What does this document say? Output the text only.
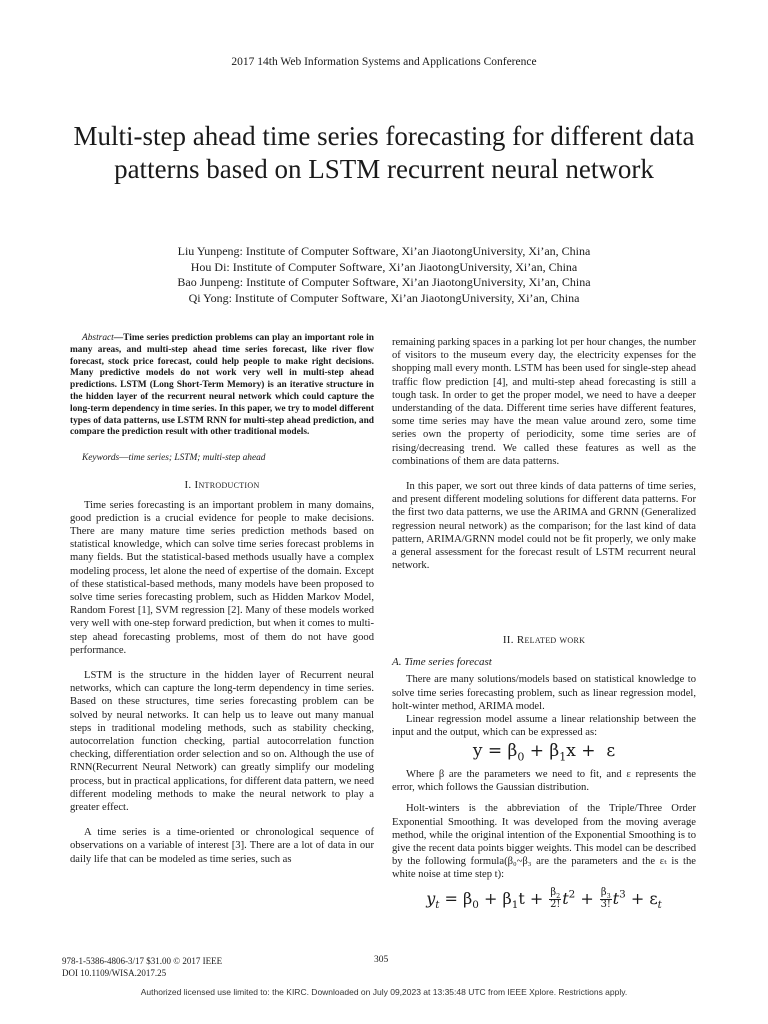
2017 14th Web Information Systems and Applications Conference
Multi-step ahead time series forecasting for different data patterns based on LSTM recurrent neural network
Liu Yunpeng: Institute of Computer Software, Xi’an JiaotongUniversity, Xi’an, China
Hou Di: Institute of Computer Software, Xi’an JiaotongUniversity, Xi’an, China
Bao Junpeng: Institute of Computer Software, Xi’an JiaotongUniversity, Xi’an, China
Qi Yong: Institute of Computer Software, Xi’an JiaotongUniversity, Xi’an, China

Abstract—Time series prediction problems can play an important role in many areas, and multi-step ahead time series forecast, like river flow forecast, stock price forecast, could help people to make right decisions. Many predictive models do not work very well in multi-step ahead predictions. LSTM (Long Short-Term Memory) is an iterative structure in the hidden layer of the recurrent neural network which could capture the long-term dependency in time series. In this paper, we try to model different types of data patterns, use LSTM RNN for multi-step ahead prediction, and compare the prediction result with other traditional models.

Keywords—time series; LSTM; multi-step ahead

I. Introduction

Time series forecasting is an important problem in many domains, good prediction is a crucial evidence for people to make decisions. There are many mature time series prediction methods based on statistical knowledge, which can solve time series forecast problems in many fields. But the statistical-based methods usually have a complex modeling process, let alone the need of expertise of the domain. Except of these statistical-based methods, many models have been proposed to solve time series forecasting problem, such as Hidden Markov Model, Random Forest [1], SVM regression [2]. Many of these models worked very well with one-step forward prediction, but when it comes to multi-step ahead forecasting problems, most of them do not have good performance.

LSTM is the structure in the hidden layer of Recurrent neural networks, which can capture the long-term dependency in time series. Based on these structures, time series forecasting problem can be solved by neural networks. It can help us to leave out many manual steps in traditional modeling methods, such as stability checking, autocorrelation function checking, partial autocorrelation function checking, differentiation order selection and so on. Although the use of RNN(Recurrent Neural Network) can greatly simplify our modeling process, but in practical applications, for different data pattern, we need different modeling methods to make the neural network to play a greater effect.

A time series is a time-oriented or chronological sequence of observations on a variable of interest [3]. There are a lot of data in our daily life that can be modeled as time series, such as

remaining parking spaces in a parking lot per hour changes, the number of visitors to the museum every day, the electricity expenses for the shopping mall every month. LSTM has been used for single-step ahead traffic flow prediction [4], and multi-step ahead forecasting is still a tough task. In order to get the proper model, we need to have a deeper understanding of the data. Different time series have different features, some time series may have the mean value around zero, some time series own the property of periodicity, some time series are of rising/decreasing trend. We called these features as well as the combinations of them are data patterns.

In this paper, we sort out three kinds of data patterns of time series, and present different modeling solutions for different data patterns. For the first two data patterns, we use the ARIMA and GRNN (Generalized regression neural network) as the comparison; for the last kind of data pattern, ARIMA/GRNN model could not be fit properly, we only make a general assessment for the forecast result of LSTM recurrent neural network.

II. Related work
A. Time series forecast

There are many solutions/models based on statistical knowledge to solve time series forecasting problem, such as linear regression model, holt-winter method, ARIMA model.

Linear regression model assume a linear relationship between the input and the output, which can be expressed as:

$y = \beta_0 + \beta_1x + \varepsilon$

Where β are the parameters we need to fit, and ε represents the error, which follows the Gaussian distribution.

Holt-winters is the abbreviation of the Triple/Three Order Exponential Smoothing. It was developed from the moving average method, while the original intention of the Exponential Smoothing is to give the recent data points bigger weights. This model can be described by the following formula(β₀~β₃ are the parameters and the εₜ is the white noise at time step t):

$y_t = \beta_0 + \beta_1t + \frac{\beta_2}{2!} t^2 + \frac{\beta_3}{3!} t^3 + \varepsilon_t$
978-1-5386-4806-3/17 $31.00 © 2017 IEEE
DOI 10.1109/WISA.2017.25
305
Authorized licensed use limited to: the KIRC. Downloaded on July 09,2023 at 13:35:48 UTC from IEEE Xplore. Restrictions apply.
